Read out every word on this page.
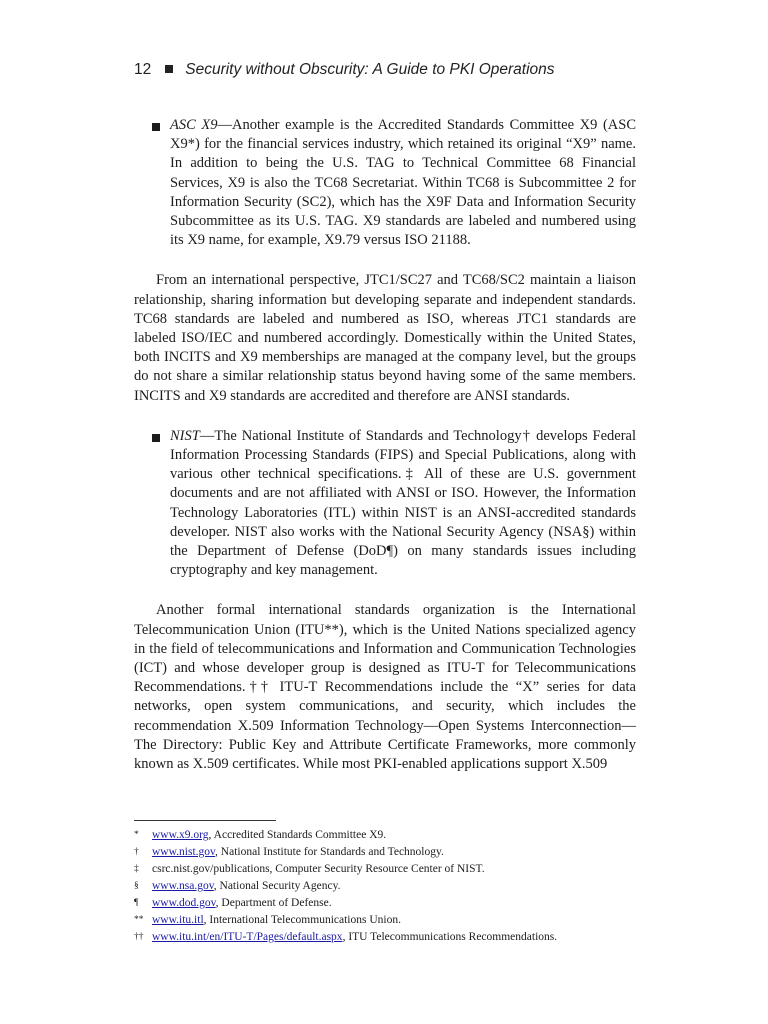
12 Security without Obscurity: A Guide to PKI Operations
ASC X9—Another example is the Accredited Standards Committee X9 (ASC X9*) for the financial services industry, which retained its original “X9” name. In addition to being the U.S. TAG to Technical Committee 68 Financial Services, X9 is also the TC68 Secretariat. Within TC68 is Subcommittee 2 for Information Security (SC2), which has the X9F Data and Information Security Subcommittee as its U.S. TAG. X9 standards are labeled and numbered using its X9 name, for example, X9.79 versus ISO 21188.

From an international perspective, JTC1/SC27 and TC68/SC2 maintain a liaison relationship, sharing information but developing separate and independent standards. TC68 standards are labeled and numbered as ISO, whereas JTC1 standards are labeled ISO/IEC and numbered accordingly. Domestically within the United States, both INCITS and X9 memberships are managed at the company level, but the groups do not share a similar relationship status beyond having some of the same members. INCITS and X9 standards are accredited and therefore are ANSI standards.

NIST—The National Institute of Standards and Technology† develops Federal Information Processing Standards (FIPS) and Special Publications, along with various other technical specifications.‡ All of these are U.S. government documents and are not affiliated with ANSI or ISO. However, the Information Technology Laboratories (ITL) within NIST is an ANSI-accredited standards developer. NIST also works with the National Security Agency (NSA§) within the Department of Defense (DoD¶) on many standards issues including cryptography and key management.

Another formal international standards organization is the International Telecommunication Union (ITU**), which is the United Nations specialized agency in the field of telecommunications and Information and Communication Technologies (ICT) and whose developer group is designed as ITU-T for Telecommunications Recommendations.†† ITU-T Recommendations include the “X” series for data networks, open system communications, and security, which includes the recommendation X.509 Information Technology—Open Systems Interconnection—The Directory: Public Key and Attribute Certificate Frameworks, more commonly known as X.509 certificates. While most PKI-enabled applications support X.509

*	www.x9.org, Accredited Standards Committee X9.
†	www.nist.gov, National Institute for Standards and Technology.
‡	csrc.nist.gov/publications, Computer Security Resource Center of NIST.
§	www.nsa.gov, National Security Agency.
¶	www.dod.gov, Department of Defense.
** www.itu.itl, International Telecommunications Union.
†† www.itu.int/en/ITU-T/Pages/default.aspx, ITU Telecommunications Recommendations.
